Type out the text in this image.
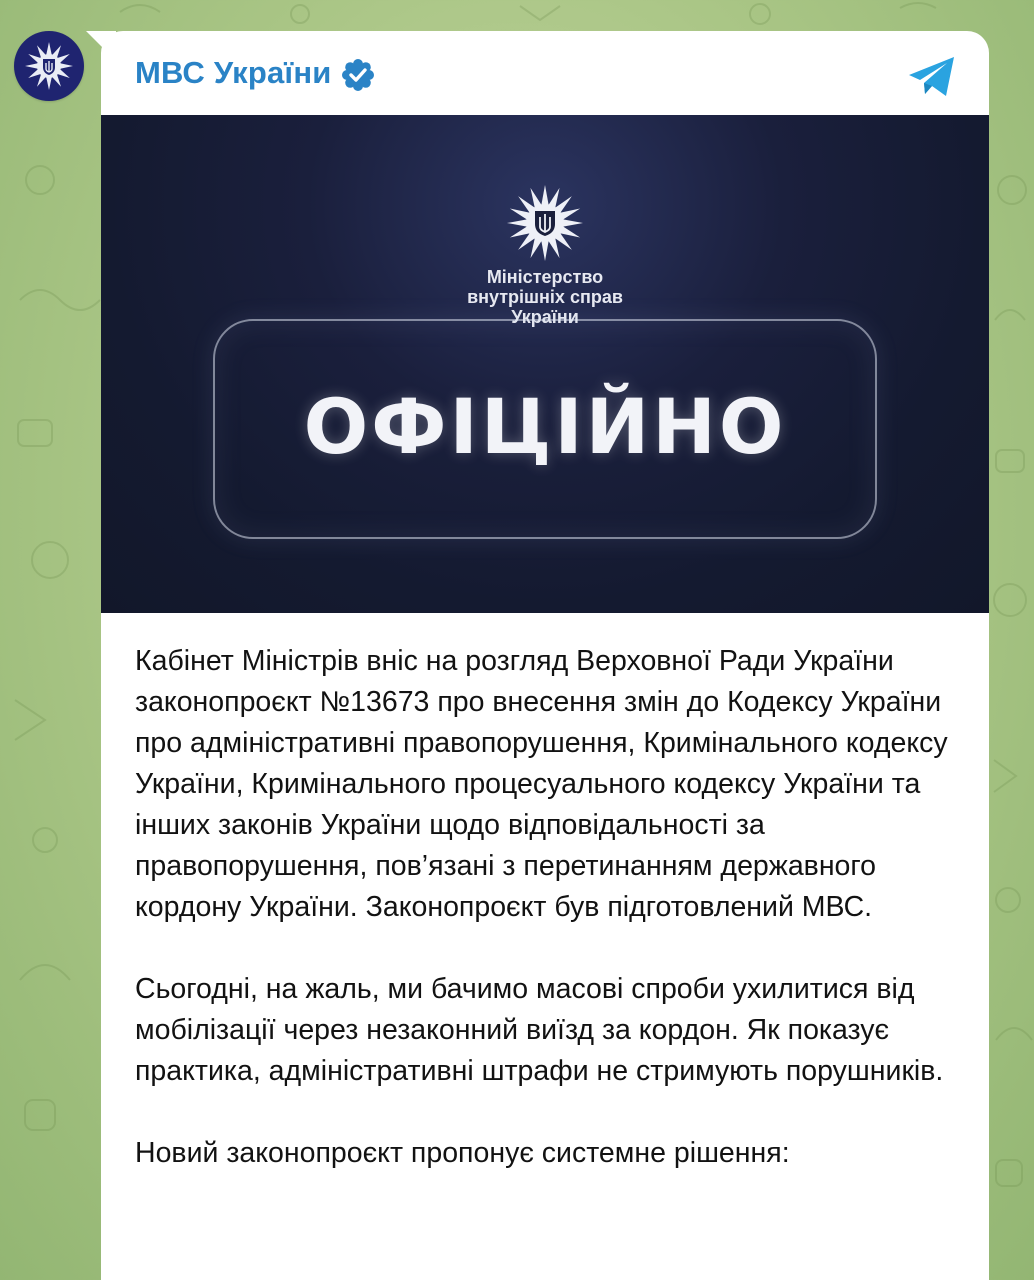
МВС України
Міністерство
внутрішніх справ
України
ОФІЦІЙНО

Кабінет Міністрів вніс на розгляд Верховної Ради України законопроєкт №13673 про внесення змін до Кодексу України про адміністративні правопорушення, Кримінального кодексу України, Кримінального процесуального кодексу України та інших законів України щодо відповідальності за правопорушення, пов’язані з перетинанням державного кордону України. Законопроєкт був підготовлений МВС.

Сьогодні, на жаль, ми бачимо масові спроби ухилитися від мобілізації через незаконний виїзд за кордон. Як показує практика, адміністративні штрафи не стримують порушників.

Новий законопроєкт пропонує системне рішення:
